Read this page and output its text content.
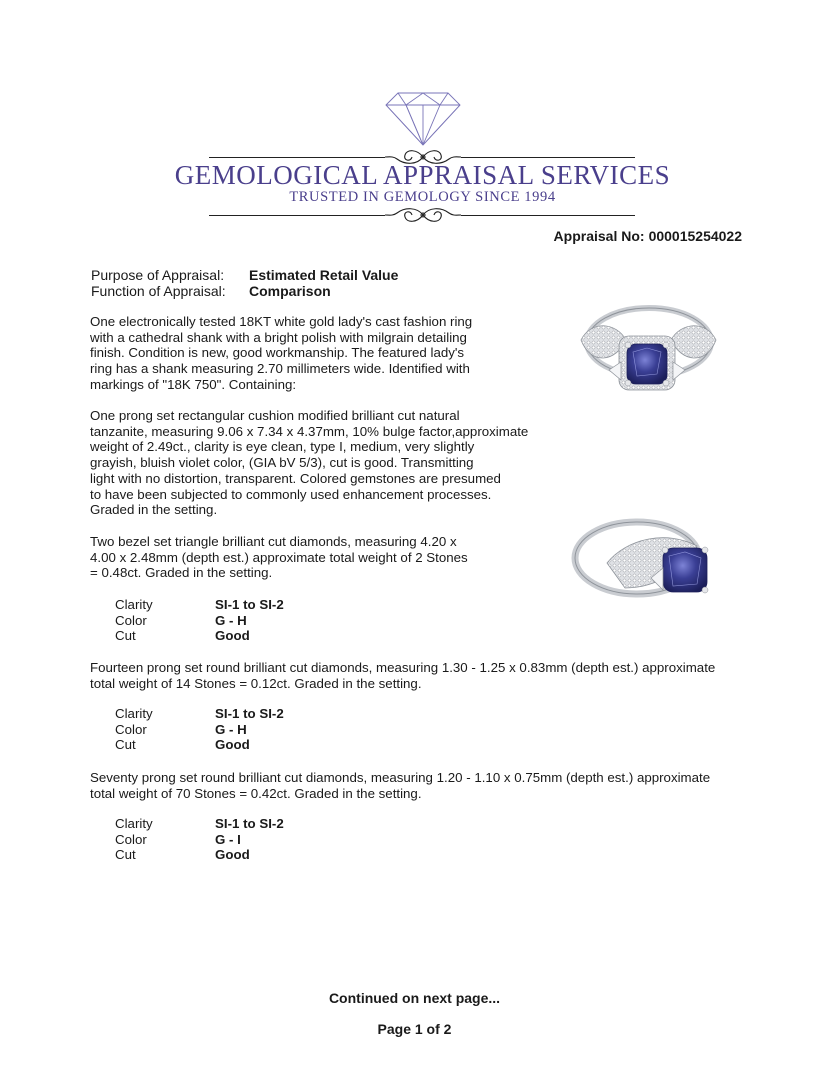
GEMOLOGICAL APPRAISAL SERVICES
TRUSTED IN GEMOLOGY SINCE 1994
Appraisal No: 000015254022
Purpose of Appraisal:	Estimated Retail Value
Function of Appraisal:	Comparison

One electronically tested 18KT white gold lady's cast fashion ring
with a cathedral shank with a bright polish with milgrain detailing
finish. Condition is new, good workmanship. The featured lady's
ring has a shank measuring 2.70 millimeters wide. Identified with
markings of "18K 750". Containing:

One prong set rectangular cushion modified brilliant cut natural
tanzanite, measuring 9.06 x 7.34 x 4.37mm, 10% bulge factor,approximate
weight of 2.49ct., clarity is eye clean, type I, medium, very slightly
grayish, bluish violet color, (GIA bV 5/3), cut is good. Transmitting
light with no distortion, transparent. Colored gemstones are presumed
to have been subjected to commonly used enhancement processes.
Graded in the setting.

Two bezel set triangle brilliant cut diamonds, measuring 4.20 x
4.00 x 2.48mm (depth est.) approximate total weight of 2 Stones
= 0.48ct. Graded in the setting.

Clarity	SI-1 to SI-2
Color	G - H
Cut	Good

Fourteen prong set round brilliant cut diamonds, measuring 1.30 - 1.25 x 0.83mm (depth est.) approximate
total weight of 14 Stones = 0.12ct. Graded in the setting.

Clarity	SI-1 to SI-2
Color	G - H
Cut	Good

Seventy prong set round brilliant cut diamonds, measuring 1.20 - 1.10 x 0.75mm (depth est.) approximate
total weight of 70 Stones = 0.42ct. Graded in the setting.

Clarity	SI-1 to SI-2
Color	G - I
Cut	Good
Continued on next page...
Page 1 of 2
